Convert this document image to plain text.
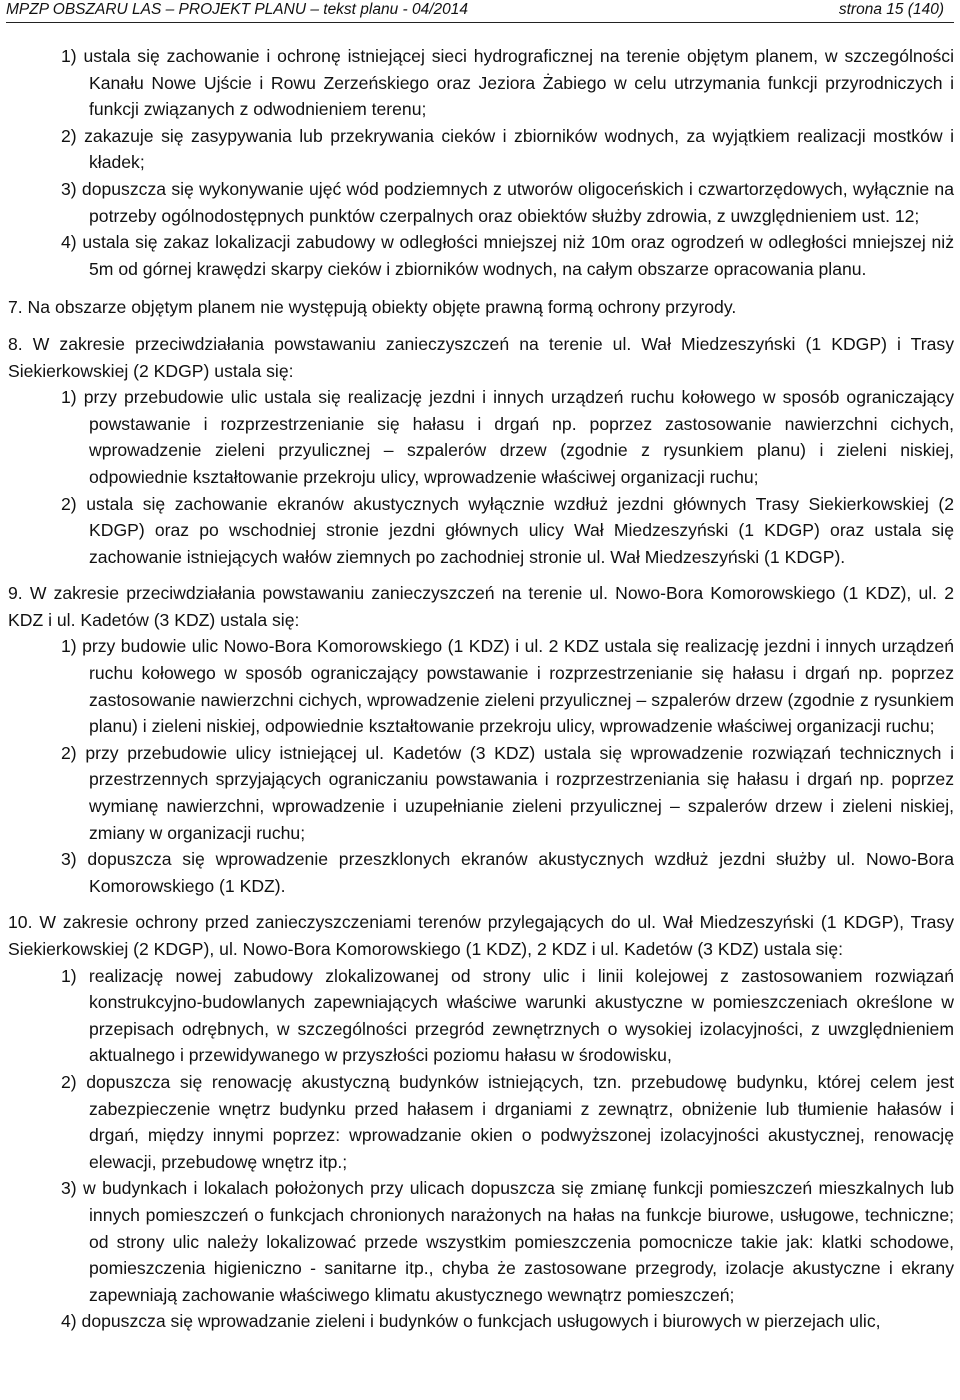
MPZP OBSZARU LAS – PROJEKT PLANU – tekst planu - 04/2014	strona 15 (140)

1) ustala się zachowanie i ochronę istniejącej sieci hydrograficznej na terenie objętym planem, w szczególności Kanału Nowe Ujście i Rowu Zerzeńskiego oraz Jeziora Żabiego w celu utrzymania funkcji przyrodniczych i funkcji związanych z odwodnieniem terenu;

2) zakazuje się zasypywania lub przekrywania cieków i zbiorników wodnych, za wyjątkiem realizacji mostków i kładek;

3) dopuszcza się wykonywanie ujęć wód podziemnych z utworów oligoceńskich i czwartorzędowych, wyłącznie na potrzeby ogólnodostępnych punktów czerpalnych oraz obiektów służby zdrowia, z uwzględnieniem ust. 12;

4) ustala się zakaz lokalizacji zabudowy w odległości mniejszej niż 10m oraz ogrodzeń w odległości mniejszej niż 5m od górnej krawędzi skarpy cieków i zbiorników wodnych, na całym obszarze opracowania planu.

7. Na obszarze objętym planem nie występują obiekty objęte prawną formą ochrony przyrody.

8. W zakresie przeciwdziałania powstawaniu zanieczyszczeń na terenie ul. Wał Miedzeszyński (1 KDGP) i Trasy Siekierkowskiej (2 KDGP) ustala się:

1) przy przebudowie ulic ustala się realizację jezdni i innych urządzeń ruchu kołowego w sposób ograniczający powstawanie i rozprzestrzenianie się hałasu i drgań np. poprzez zastosowanie nawierzchni cichych, wprowadzenie zieleni przyulicznej – szpalerów drzew (zgodnie z rysunkiem planu) i zieleni niskiej, odpowiednie kształtowanie przekroju ulicy, wprowadzenie właściwej organizacji ruchu;

2) ustala się zachowanie ekranów akustycznych wyłącznie wzdłuż jezdni głównych Trasy Siekierkowskiej (2 KDGP) oraz po wschodniej stronie jezdni głównych ulicy Wał Miedzeszyński (1 KDGP) oraz ustala się zachowanie istniejących wałów ziemnych po zachodniej stronie ul. Wał Miedzeszyński (1 KDGP).

9. W zakresie przeciwdziałania powstawaniu zanieczyszczeń na terenie ul. Nowo-Bora Komorowskiego (1 KDZ), ul. 2 KDZ i ul. Kadetów (3 KDZ) ustala się:

1) przy budowie ulic Nowo-Bora Komorowskiego (1 KDZ) i ul. 2 KDZ ustala się realizację jezdni i innych urządzeń ruchu kołowego w sposób ograniczający powstawanie i rozprzestrzenianie się hałasu i drgań np. poprzez zastosowanie nawierzchni cichych, wprowadzenie zieleni przyulicznej – szpalerów drzew (zgodnie z rysunkiem planu) i zieleni niskiej, odpowiednie kształtowanie przekroju ulicy, wprowadzenie właściwej organizacji ruchu;

2) przy przebudowie ulicy istniejącej ul. Kadetów (3 KDZ) ustala się wprowadzenie rozwiązań technicznych i przestrzennych sprzyjających ograniczaniu powstawania i rozprzestrzeniania się hałasu i drgań np. poprzez wymianę nawierzchni, wprowadzenie i uzupełnianie zieleni przyulicznej – szpalerów drzew i zieleni niskiej, zmiany w organizacji ruchu;

3) dopuszcza się wprowadzenie przeszklonych ekranów akustycznych wzdłuż jezdni służby ul. Nowo-Bora Komorowskiego (1 KDZ).

10. W zakresie ochrony przed zanieczyszczeniami terenów przylegających do ul. Wał Miedzeszyński (1 KDGP), Trasy Siekierkowskiej (2 KDGP), ul. Nowo-Bora Komorowskiego (1 KDZ), 2 KDZ i ul. Kadetów (3 KDZ) ustala się:

1) realizację nowej zabudowy zlokalizowanej od strony ulic i linii kolejowej z zastosowaniem rozwiązań konstrukcyjno-budowlanych zapewniających właściwe warunki akustyczne w pomieszczeniach określone w przepisach odrębnych, w szczególności przegród zewnętrznych o wysokiej izolacyjności, z uwzględnieniem aktualnego i przewidywanego w przyszłości poziomu hałasu w środowisku,

2) dopuszcza się renowację akustyczną budynków istniejących, tzn. przebudowę budynku, której celem jest zabezpieczenie wnętrz budynku przed hałasem i drganiami z zewnątrz, obniżenie lub tłumienie hałasów i drgań, między innymi poprzez: wprowadzanie okien o podwyższonej izolacyjności akustycznej, renowację elewacji, przebudowę wnętrz itp.;

3) w budynkach i lokalach położonych przy ulicach dopuszcza się zmianę funkcji pomieszczeń mieszkalnych lub innych pomieszczeń o funkcjach chronionych narażonych na hałas na funkcje biurowe, usługowe, techniczne; od strony ulic należy lokalizować przede wszystkim pomieszczenia pomocnicze takie jak: klatki schodowe, pomieszczenia higieniczno - sanitarne itp., chyba że zastosowane przegrody, izolacje akustyczne i ekrany zapewniają zachowanie właściwego klimatu akustycznego wewnątrz pomieszczeń;

4) dopuszcza się wprowadzanie zieleni i budynków o funkcjach usługowych i biurowych w pierzejach ulic,
